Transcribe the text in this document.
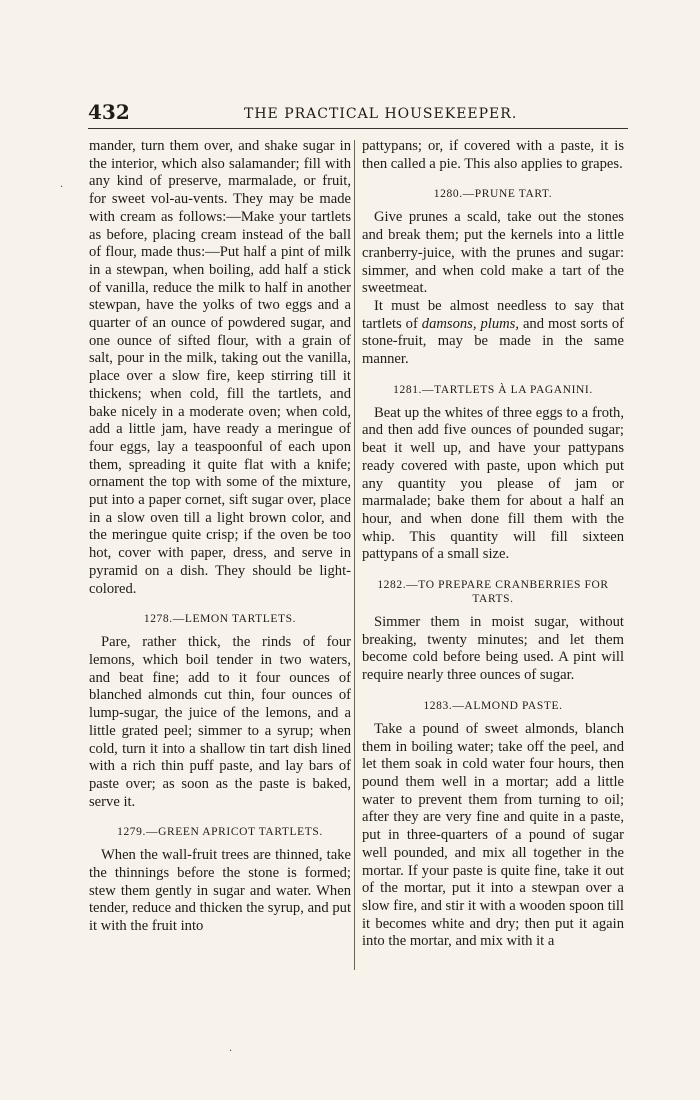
432	THE PRACTICAL HOUSEKEEPER.

mander, turn them over, and shake sugar in the interior, which also salamander; fill with any kind of preserve, marmalade, or fruit, for sweet vol-au-vents. They may be made with cream as follows:—Make your tartlets as before, placing cream instead of the ball of flour, made thus:—Put half a pint of milk in a stewpan, when boiling, add half a stick of vanilla, reduce the milk to half in another stewpan, have the yolks of two eggs and a quarter of an ounce of powdered sugar, and one ounce of sifted flour, with a grain of salt, pour in the milk, taking out the vanilla, place over a slow fire, keep stirring till it thickens; when cold, fill the tartlets, and bake nicely in a moderate oven; when cold, add a little jam, have ready a meringue of four eggs, lay a teaspoonful of each upon them, spreading it quite flat with a knife; ornament the top with some of the mixture, put into a paper cornet, sift sugar over, place in a slow oven till a light brown color, and the meringue quite crisp; if the oven be too hot, cover with paper, dress, and serve in pyramid on a dish. They should be light-colored.

1278.—LEMON TARTLETS.

Pare, rather thick, the rinds of four lemons, which boil tender in two waters, and beat fine; add to it four ounces of blanched almonds cut thin, four ounces of lump-sugar, the juice of the lemons, and a little grated peel; simmer to a syrup; when cold, turn it into a shallow tin tart dish lined with a rich thin puff paste, and lay bars of paste over; as soon as the paste is baked, serve it.

1279.—GREEN APRICOT TARTLETS.

When the wall-fruit trees are thinned, take the thinnings before the stone is formed; stew them gently in sugar and water. When tender, reduce and thicken the syrup, and put it with the fruit into

pattypans; or, if covered with a paste, it is then called a pie. This also applies to grapes.

1280.—PRUNE TART.

Give prunes a scald, take out the stones and break them; put the kernels into a little cranberry-juice, with the prunes and sugar: simmer, and when cold make a tart of the sweetmeat.

It must be almost needless to say that tartlets of damsons, plums, and most sorts of stone-fruit, may be made in the same manner.

1281.—TARTLETS À LA PAGANINI.

Beat up the whites of three eggs to a froth, and then add five ounces of pounded sugar; beat it well up, and have your pattypans ready covered with paste, upon which put any quantity you please of jam or marmalade; bake them for about a half an hour, and when done fill them with the whip. This quantity will fill sixteen pattypans of a small size.

1282.—TO PREPARE CRANBERRIES FOR TARTS.

Simmer them in moist sugar, without breaking, twenty minutes; and let them become cold before being used. A pint will require nearly three ounces of sugar.

1283.—ALMOND PASTE.

Take a pound of sweet almonds, blanch them in boiling water; take off the peel, and let them soak in cold water four hours, then pound them well in a mortar; add a little water to prevent them from turning to oil; after they are very fine and quite in a paste, put in three-quarters of a pound of sugar well pounded, and mix all together in the mortar. If your paste is quite fine, take it out of the mortar, put it into a stewpan over a slow fire, and stir it with a wooden spoon till it becomes white and dry; then put it again into the mortar, and mix with it a

·
·
